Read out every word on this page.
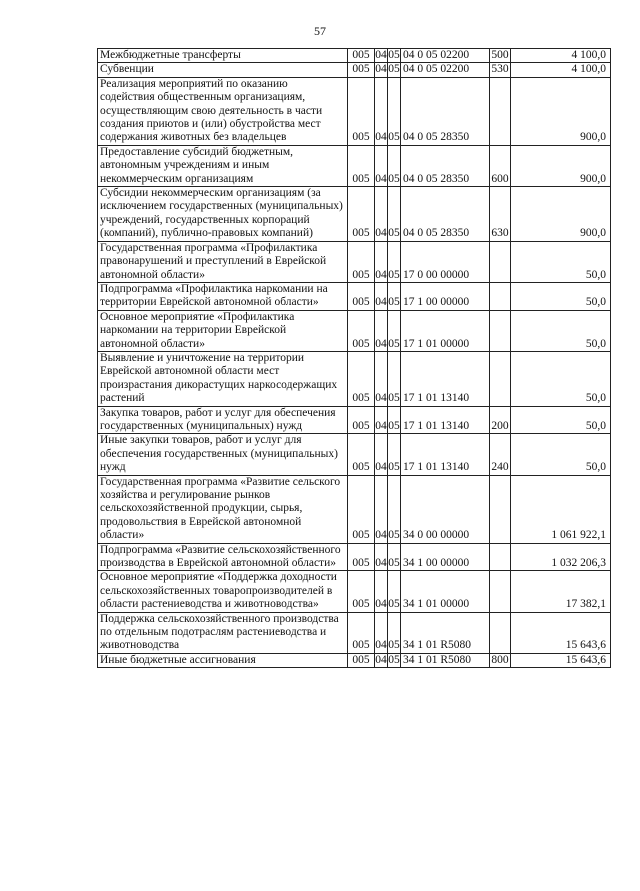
57
Межбюджетные трансферты	005	04	05	04 0 05 02200	500	4 100,0
Субвенции	005	04	05	04 0 05 02200	530	4 100,0
Реализация мероприятий по оказанию содействия общественным организациям, осуществляющим свою деятельность в части создания приютов и (или) обустройства мест содержания животных без владельцев	005	04	05	04 0 05 28350		900,0
Предоставление субсидий бюджетным, автономным учреждениям и иным некоммерческим организациям	005	04	05	04 0 05 28350	600	900,0
Субсидии некоммерческим организациям (за исключением государственных (муниципальных) учреждений, государственных корпораций (компаний), публично-правовых компаний)	005	04	05	04 0 05 28350	630	900,0
Государственная программа «Профилактика правонарушений и преступлений в Еврейской автономной области»	005	04	05	17 0 00 00000		50,0
Подпрограмма «Профилактика наркомании на территории Еврейской автономной области»	005	04	05	17 1 00 00000		50,0
Основное мероприятие «Профилактика наркомании на территории Еврейской автономной области»	005	04	05	17 1 01 00000		50,0
Выявление и уничтожение на территории Еврейской автономной области мест произрастания дикорастущих наркосодержащих растений	005	04	05	17 1 01 13140		50,0
Закупка товаров, работ и услуг для обеспечения государственных (муниципальных) нужд	005	04	05	17 1 01 13140	200	50,0
Иные закупки товаров, работ и услуг для обеспечения государственных (муниципальных) нужд	005	04	05	17 1 01 13140	240	50,0
Государственная программа «Развитие сельского хозяйства и регулирование рынков сельскохозяйственной продукции, сырья, продовольствия в Еврейской автономной области»	005	04	05	34 0 00 00000		1 061 922,1
Подпрограмма «Развитие сельскохозяйственного производства в Еврейской автономной области»	005	04	05	34 1 00 00000		1 032 206,3
Основное мероприятие «Поддержка доходности сельскохозяйственных товаропроизводителей в области растениеводства и животноводства»	005	04	05	34 1 01 00000		17 382,1
Поддержка сельскохозяйственного производства по отдельным подотраслям растениеводства и животноводства	005	04	05	34 1 01 R5080		15 643,6
Иные бюджетные ассигнования	005	04	05	34 1 01 R5080	800	15 643,6
